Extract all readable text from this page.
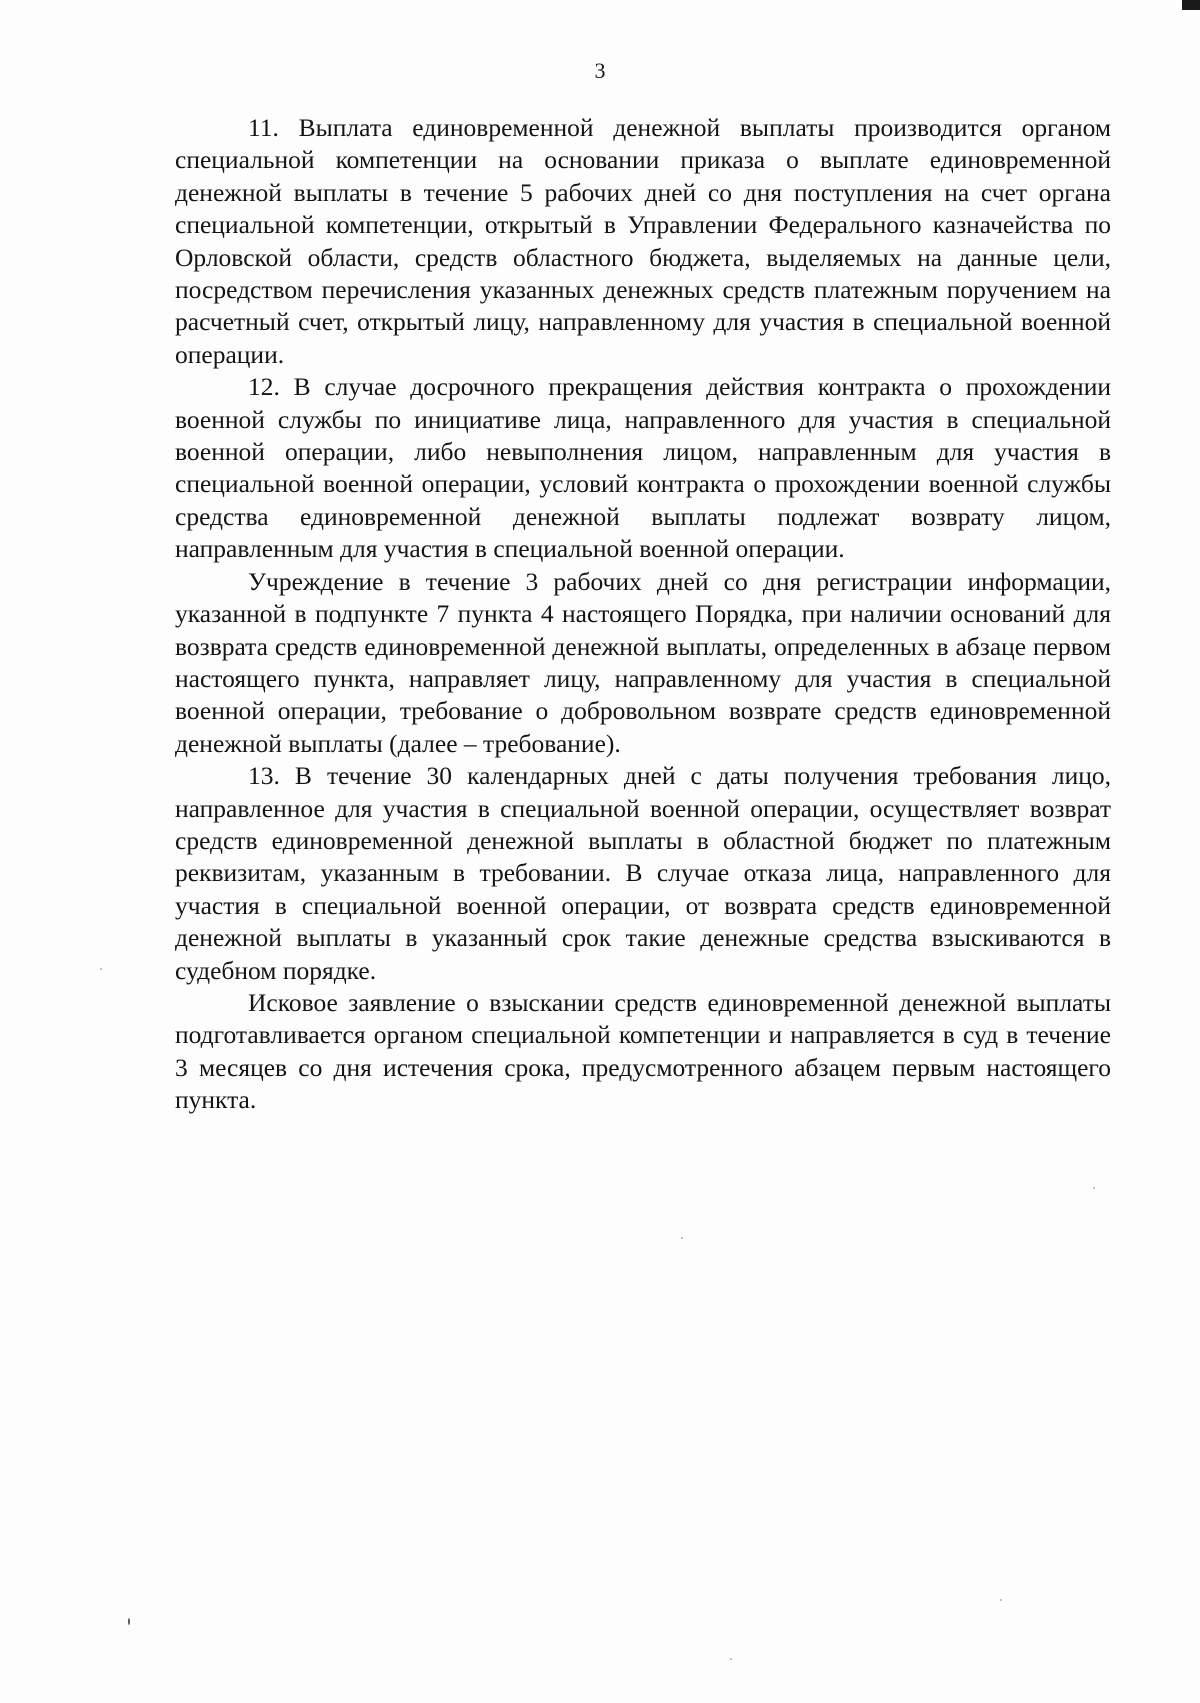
3

11. Выплата единовременной денежной выплаты производится органом специальной компетенции на основании приказа о выплате единовременной денежной выплаты в течение 5 рабочих дней со дня поступления на счет органа специальной компетенции, открытый в Управлении Федерального казначейства по Орловской области, средств областного бюджета, выделяемых на данные цели, посредством перечисления указанных денежных средств платежным поручением на расчетный счет, открытый лицу, направленному для участия в специальной военной операции.

12. В случае досрочного прекращения действия контракта о прохождении военной службы по инициативе лица, направленного для участия в специальной военной операции, либо невыполнения лицом, направленным для участия в специальной военной операции, условий контракта о прохождении военной службы средства единовременной денежной выплаты подлежат возврату лицом, направленным для участия в специальной военной операции.

Учреждение в течение 3 рабочих дней со дня регистрации информации, указанной в подпункте 7 пункта 4 настоящего Порядка, при наличии оснований для возврата средств единовременной денежной выплаты, определенных в абзаце первом настоящего пункта, направляет лицу, направленному для участия в специальной военной операции, требование о добровольном возврате средств единовременной денежной выплаты (далее – требование).

13. В течение 30 календарных дней с даты получения требования лицо, направленное для участия в специальной военной операции, осуществляет возврат средств единовременной денежной выплаты в областной бюджет по платежным реквизитам, указанным в требовании. В случае отказа лица, направленного для участия в специальной военной операции, от возврата средств единовременной денежной выплаты в указанный срок такие денежные средства взыскиваются в судебном порядке.

Исковое заявление о взыскании средств единовременной денежной выплаты подготавливается органом специальной компетенции и направляется в суд в течение 3 месяцев со дня истечения срока, предусмотренного абзацем первым настоящего пункта.
